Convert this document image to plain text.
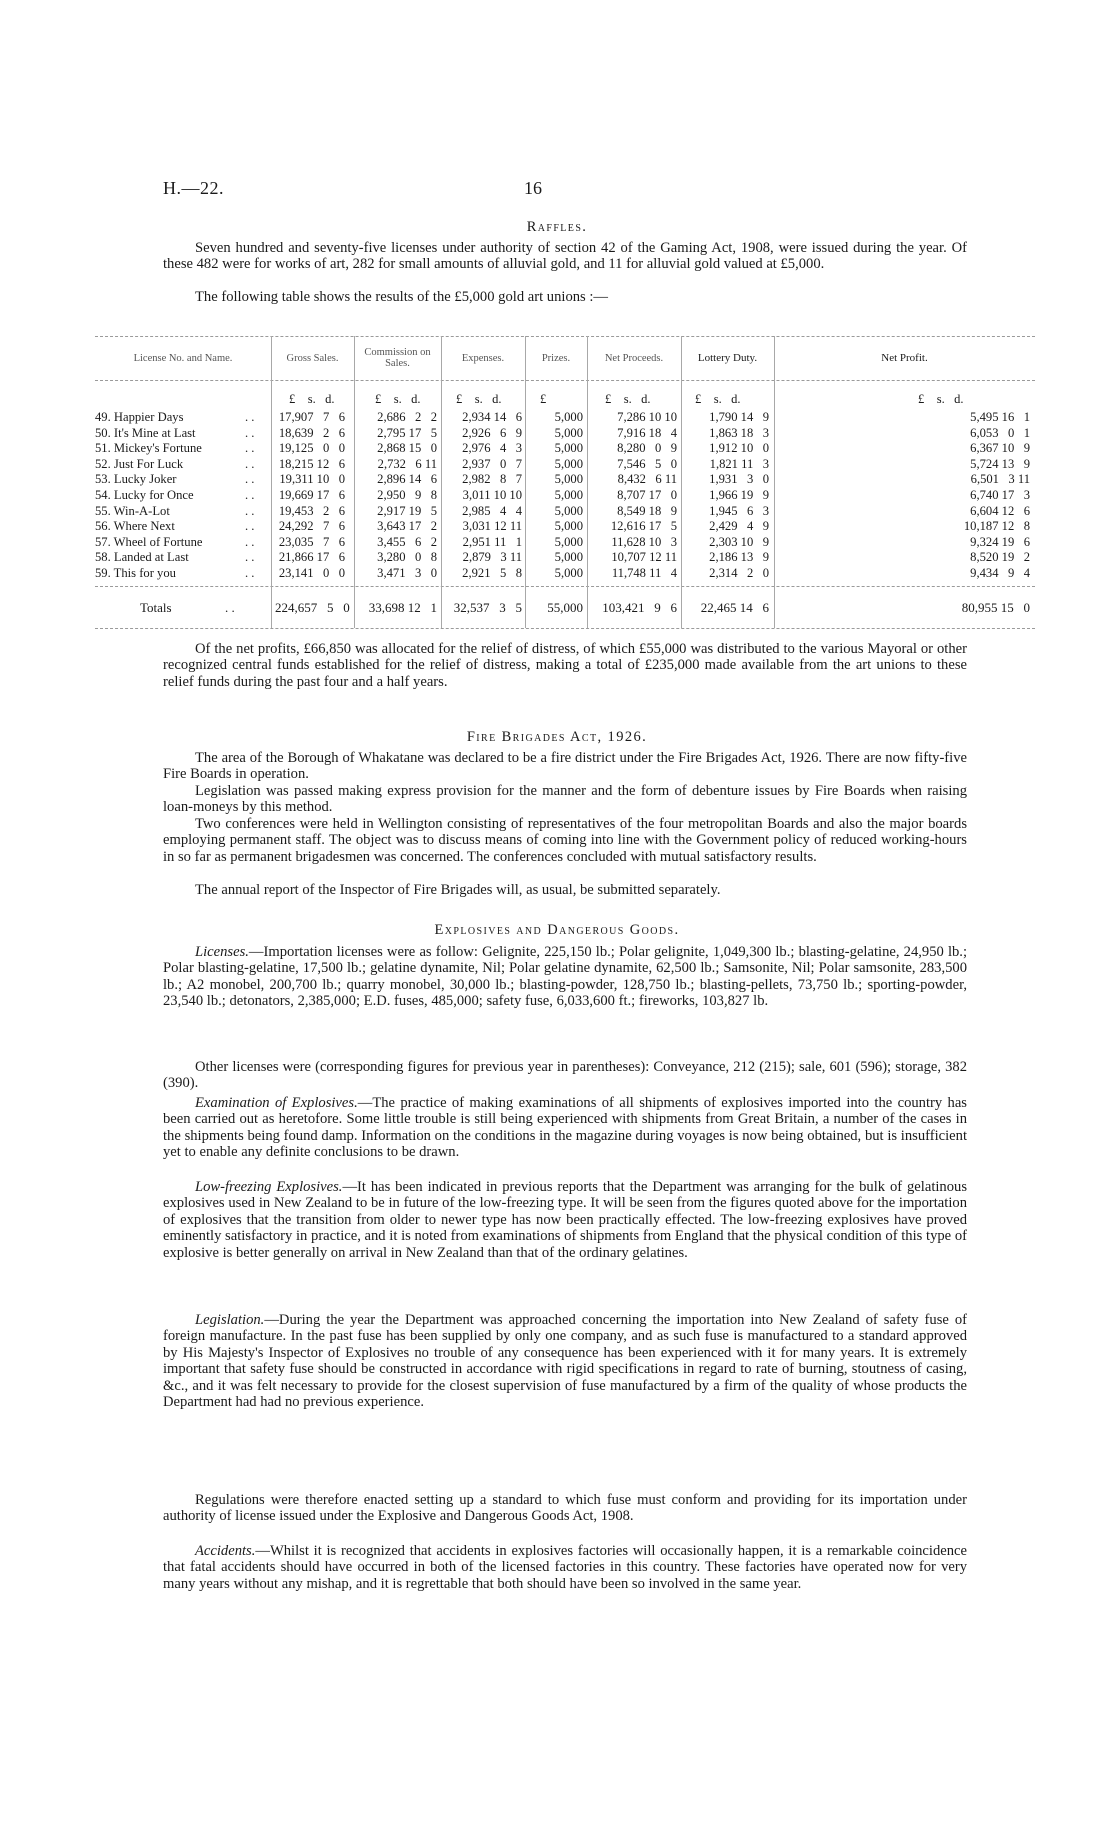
H.—22.	16
Raffles.

Seven hundred and seventy-five licenses under authority of section 42 of the Gaming Act, 1908, were issued during the year. Of these 482 were for works of art, 282 for small amounts of alluvial gold, and 11 for alluvial gold valued at £5,000.

The following table shows the results of the £5,000 gold art unions :—

License No. and Name.	Gross Sales.	Commission on Sales.	Expenses.	Prizes.	Net Proceeds.	Lottery Duty.	Net Profit.
£    s.   d.	£    s.   d.	£    s.   d.	£	£    s.   d.	£    s.   d.	£    s.   d.
49. Happier Days	. .	17,907   7   6	2,686   2   2	2,934 14   6	5,000	7,286 10 10	1,790 14   9	5,495 16   1
50. It's Mine at Last	. .	18,639   2   6	2,795 17   5	2,926   6   9	5,000	7,916 18   4	1,863 18   3	6,053   0   1
51. Mickey's Fortune	. .	19,125   0   0	2,868 15   0	2,976   4   3	5,000	8,280   0   9	1,912 10   0	6,367 10   9
52. Just For Luck	. .	18,215 12   6	2,732   6 11	2,937   0   7	5,000	7,546   5   0	1,821 11   3	5,724 13   9
53. Lucky Joker	. .	19,311 10   0	2,896 14   6	2,982   8   7	5,000	8,432   6 11	1,931   3   0	6,501   3 11
54. Lucky for Once	. .	19,669 17   6	2,950   9   8	3,011 10 10	5,000	8,707 17   0	1,966 19   9	6,740 17   3
55. Win-A-Lot	. .	19,453   2   6	2,917 19   5	2,985   4   4	5,000	8,549 18   9	1,945   6   3	6,604 12   6
56. Where Next	. .	24,292   7   6	3,643 17   2	3,031 12 11	5,000	12,616 17   5	2,429   4   9	10,187 12   8
57. Wheel of Fortune	. .	23,035   7   6	3,455   6   2	2,951 11   1	5,000	11,628 10   3	2,303 10   9	9,324 19   6
58. Landed at Last	. .	21,866 17   6	3,280   0   8	2,879   3 11	5,000	10,707 12 11	2,186 13   9	8,520 19   2
59. This for you	. .	23,141   0   0	3,471   3   0	2,921   5   8	5,000	11,748 11   4	2,314   2   0	9,434   9   4
Totals	. .	224,657   5   0	33,698 12   1	32,537   3   5	55,000	103,421   9   6	22,465 14   6	80,955 15   0

Of the net profits, £66,850 was allocated for the relief of distress, of which £55,000 was distributed to the various Mayoral or other recognized central funds established for the relief of distress, making a total of £235,000 made available from the art unions to these relief funds during the past four and a half years.

Fire Brigades Act, 1926.

The area of the Borough of Whakatane was declared to be a fire district under the Fire Brigades Act, 1926. There are now fifty-five Fire Boards in operation.

Legislation was passed making express provision for the manner and the form of debenture issues by Fire Boards when raising loan-moneys by this method.

Two conferences were held in Wellington consisting of representatives of the four metropolitan Boards and also the major boards employing permanent staff. The object was to discuss means of coming into line with the Government policy of reduced working-hours in so far as permanent brigadesmen was concerned. The conferences concluded with mutual satisfactory results.

The annual report of the Inspector of Fire Brigades will, as usual, be submitted separately.

Explosives and Dangerous Goods.

Licenses.—Importation licenses were as follow: Gelignite, 225,150 lb.; Polar gelignite, 1,049,300 lb.; blasting-gelatine, 24,950 lb.; Polar blasting-gelatine, 17,500 lb.; gelatine dynamite, Nil; Polar gelatine dynamite, 62,500 lb.; Samsonite, Nil; Polar samsonite, 283,500 lb.; A2 monobel, 200,700 lb.; quarry monobel, 30,000 lb.; blasting-powder, 128,750 lb.; blasting-pellets, 73,750 lb.; sporting-powder, 23,540 lb.; detonators, 2,385,000; E.D. fuses, 485,000; safety fuse, 6,033,600 ft.; fireworks, 103,827 lb.

Other licenses were (corresponding figures for previous year in parentheses): Conveyance, 212 (215); sale, 601 (596); storage, 382 (390).

Examination of Explosives.—The practice of making examinations of all shipments of explosives imported into the country has been carried out as heretofore. Some little trouble is still being experienced with shipments from Great Britain, a number of the cases in the shipments being found damp. Information on the conditions in the magazine during voyages is now being obtained, but is insufficient yet to enable any definite conclusions to be drawn.

Low-freezing Explosives.—It has been indicated in previous reports that the Department was arranging for the bulk of gelatinous explosives used in New Zealand to be in future of the low-freezing type. It will be seen from the figures quoted above for the importation of explosives that the transition from older to newer type has now been practically effected. The low-freezing explosives have proved eminently satisfactory in practice, and it is noted from examinations of shipments from England that the physical condition of this type of explosive is better generally on arrival in New Zealand than that of the ordinary gelatines.

Legislation.—During the year the Department was approached concerning the importation into New Zealand of safety fuse of foreign manufacture. In the past fuse has been supplied by only one company, and as such fuse is manufactured to a standard approved by His Majesty's Inspector of Explosives no trouble of any consequence has been experienced with it for many years. It is extremely important that safety fuse should be constructed in accordance with rigid specifications in regard to rate of burning, stoutness of casing, &c., and it was felt necessary to provide for the closest supervision of fuse manufactured by a firm of the quality of whose products the Department had had no previous experience.

Regulations were therefore enacted setting up a standard to which fuse must conform and providing for its importation under authority of license issued under the Explosive and Dangerous Goods Act, 1908.

Accidents.—Whilst it is recognized that accidents in explosives factories will occasionally happen, it is a remarkable coincidence that fatal accidents should have occurred in both of the licensed factories in this country. These factories have operated now for very many years without any mishap, and it is regrettable that both should have been so involved in the same year.
